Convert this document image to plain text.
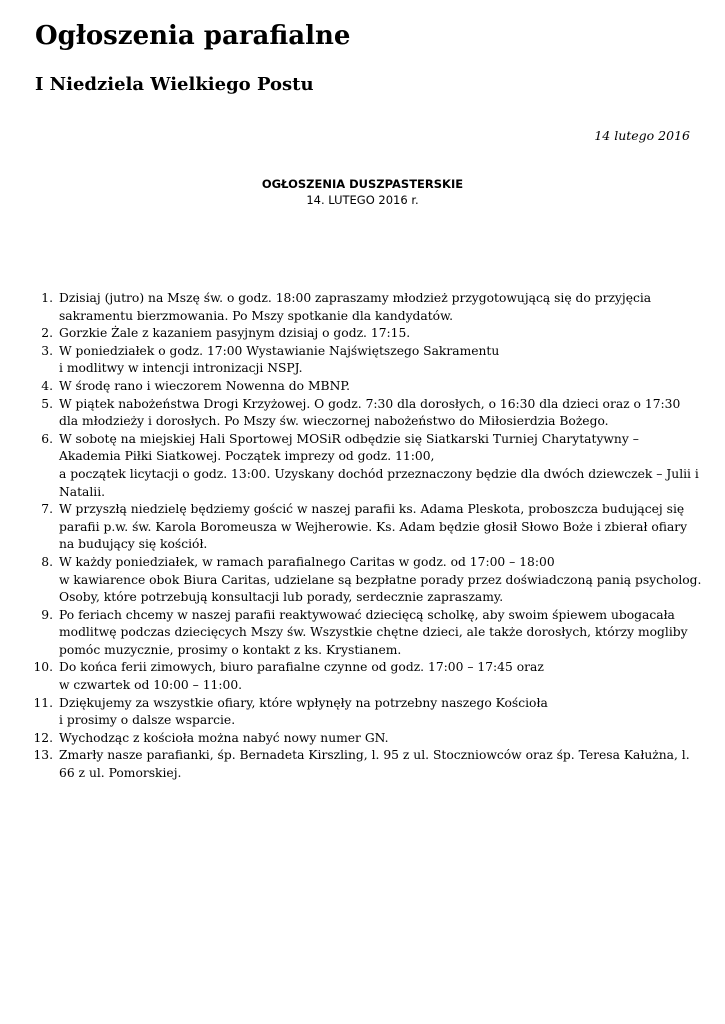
Ogłoszenia parafialne
I Niedziela Wielkiego Postu
14 lutego 2016
OGŁOSZENIA DUSZPASTERSKIE
14. LUTEGO 2016 r.
1. Dzisiaj (jutro) na Mszę św. o godz. 18:00 zapraszamy młodzież przygotowującą się do przyjęcia
sakramentu bierzmowania. Po Mszy spotkanie dla kandydatów.
2. Gorzkie Żale z kazaniem pasyjnym dzisiaj o godz. 17:15.
3. W poniedziałek o godz. 17:00 Wystawianie Najświętszego Sakramentu
i modlitwy w intencji intronizacji NSPJ.
4. W środę rano i wieczorem Nowenna do MBNP.
5. W piątek nabożeństwa Drogi Krzyżowej. O godz. 7:30 dla dorosłych, o 16:30 dla dzieci oraz o 17:30
dla młodzieży i dorosłych. Po Mszy św. wieczornej nabożeństwo do Miłosierdzia Bożego.
6. W sobotę na miejskiej Hali Sportowej MOSiR odbędzie się Siatkarski Turniej Charytatywny –
Akademia Piłki Siatkowej. Początek imprezy od godz. 11:00,
a początek licytacji o godz. 13:00. Uzyskany dochód przeznaczony będzie dla dwóch dziewczek – Julii i
Natalii.
7. W przyszłą niedzielę będziemy gościć w naszej parafii ks. Adama Pleskota, proboszcza budującej się
parafii p.w. św. Karola Boromeusza w Wejherowie. Ks. Adam będzie głosił Słowo Boże i zbierał ofiary
na budujący się kościół.
8. W każdy poniedziałek, w ramach parafialnego Caritas w godz. od 17:00 – 18:00
w kawiarence obok Biura Caritas, udzielane są bezpłatne porady przez doświadczoną panią psycholog.
Osoby, które potrzebują konsultacji lub porady, serdecznie zapraszamy.
9. Po feriach chcemy w naszej parafii reaktywować dziecięcą scholkę, aby swoim śpiewem ubogacała
modlitwę podczas dziecięcych Mszy św. Wszystkie chętne dzieci, ale także dorosłych, którzy mogliby
pomóc muzycznie, prosimy o kontakt z ks. Krystianem.
10. Do końca ferii zimowych, biuro parafialne czynne od godz. 17:00 – 17:45 oraz
w czwartek od 10:00 – 11:00.
11. Dziękujemy za wszystkie ofiary, które wpłynęły na potrzebny naszego Kościoła
i prosimy o dalsze wsparcie.
12. Wychodząc z kościoła można nabyć nowy numer GN.
13. Zmarły nasze parafianki, śp. Bernadeta Kirszling, l. 95 z ul. Stoczniowców oraz śp. Teresa Kałużna, l.
66 z ul. Pomorskiej.
